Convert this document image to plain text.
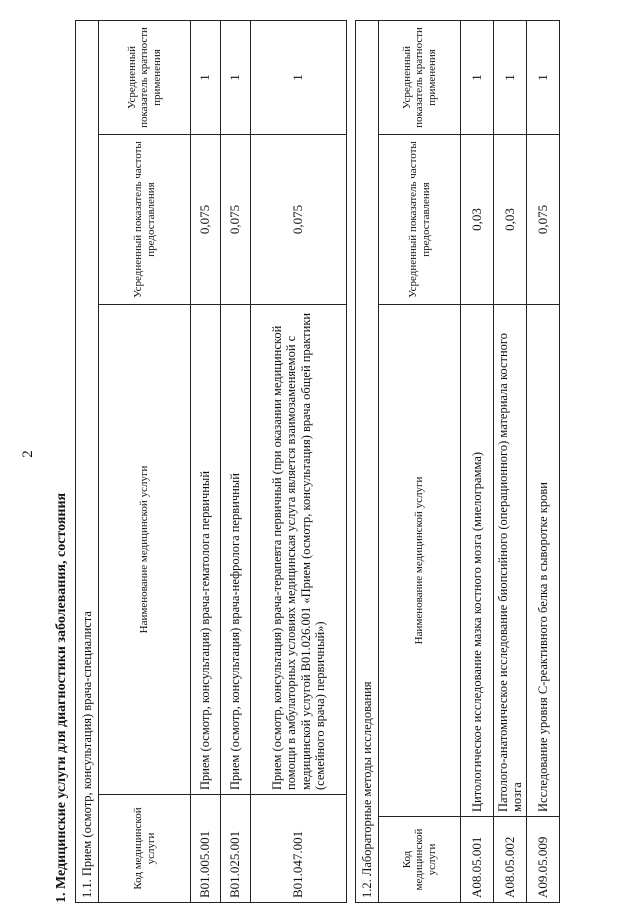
2
1. Медицинские услуги для диагностики заболевания, состояния 1.1. Прием (осмотр, консультация) врача-специалиста			
Код медицинской услуги	Наименование медицинской услуги	Усредненный показатель частоты предоставления	Усредненный показатель кратности применения
B01.005.001	Прием (осмотр, консультация) врача-гематолога первичный	0,075	1
B01.025.001	Прием (осмотр, консультация) врача-нефролога первичный	0,075	1
B01.047.001	Прием (осмотр, консультация) врача-терапевта первичный (при оказании медицинской помощи в амбулаторных условиях медицинская услуга является взаимозаменяемой с медицинской услугой B01.026.001 «Прием (осмотр, консультация) врача общей практики (семейного врача) первичный»)	0,075	1
1.2. Лабораторные методы исследования			
Код медицинской услуги	Наименование медицинской услуги	Усредненный показатель частоты предоставления	Усредненный показатель кратности применения
A08.05.001	Цитологическое исследование мазка костного мозга (миелограмма)	0,03	1
A08.05.002	Патолого-анатомическое исследование биопсийного (операционного) материала костного мозга	0,03	1
A09.05.009	Исследование уровня С-реактивного белка в сыворотке крови	0,075	1
